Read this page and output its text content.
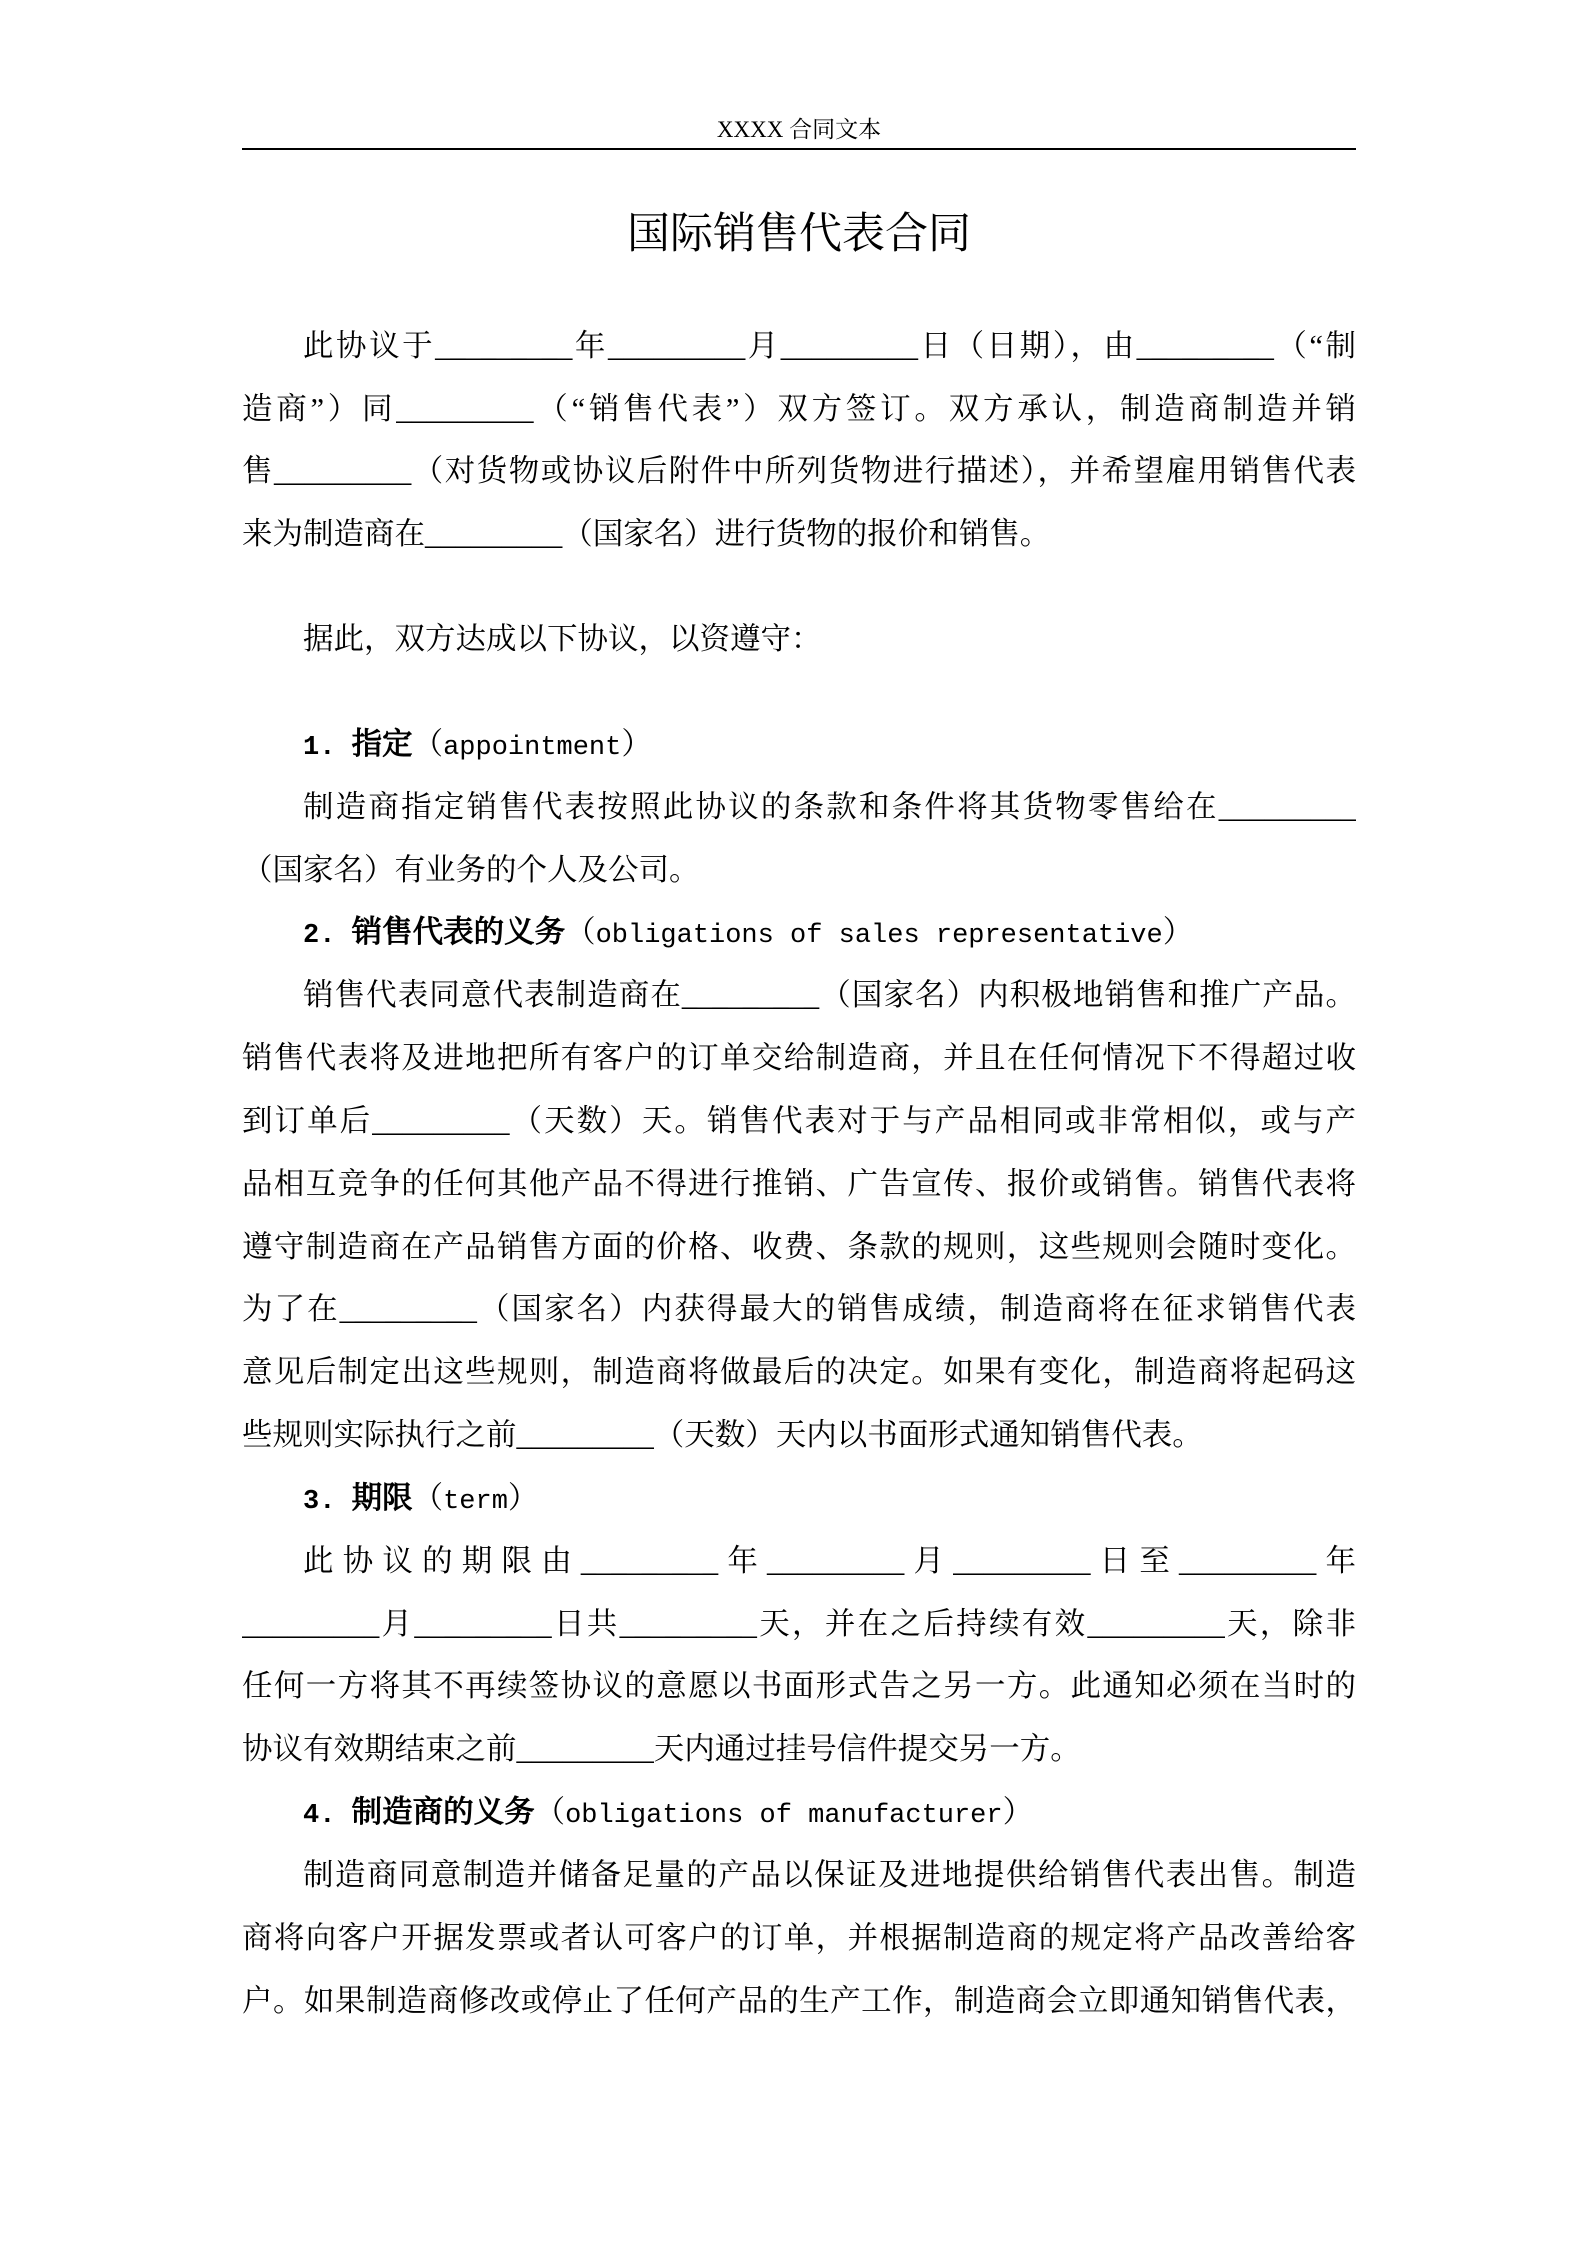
XXXX 合同文本
国际销售代表合同
此协议于_________年_________月_________日（日期），由_________（“制
造商”）同_________（“销售代表”）双方签订。双方承认，制造商制造并销
售_________（对货物或协议后附件中所列货物进行描述），并希望雇用销售代表
来为制造商在_________（国家名）进行货物的报价和销售。
据此，双方达成以下协议，以资遵守：
1. 指定（appointment）
制造商指定销售代表按照此协议的条款和条件将其货物零售给在_________
（国家名）有业务的个人及公司。
2. 销售代表的义务（obligations of sales representative）
销售代表同意代表制造商在_________（国家名）内积极地销售和推广产品。
销售代表将及进地把所有客户的订单交给制造商，并且在任何情况下不得超过收
到订单后_________（天数）天。销售代表对于与产品相同或非常相似，或与产
品相互竞争的任何其他产品不得进行推销、广告宣传、报价或销售。销售代表将
遵守制造商在产品销售方面的价格、收费、条款的规则，这些规则会随时变化。
为了在_________（国家名）内获得最大的销售成绩，制造商将在征求销售代表
意见后制定出这些规则，制造商将做最后的决定。如果有变化，制造商将起码这
些规则实际执行之前_________（天数）天内以书面形式通知销售代表。
3. 期限（term）
此协议的期限由_________年_________月_________日至_________年
_________月_________日共_________天，并在之后持续有效_________天，除非
任何一方将其不再续签协议的意愿以书面形式告之另一方。此通知必须在当时的
协议有效期结束之前_________天内通过挂号信件提交另一方。
4. 制造商的义务（obligations of manufacturer）
制造商同意制造并储备足量的产品以保证及进地提供给销售代表出售。制造
商将向客户开据发票或者认可客户的订单，并根据制造商的规定将产品改善给客
户。如果制造商修改或停止了任何产品的生产工作，制造商会立即通知销售代表，
